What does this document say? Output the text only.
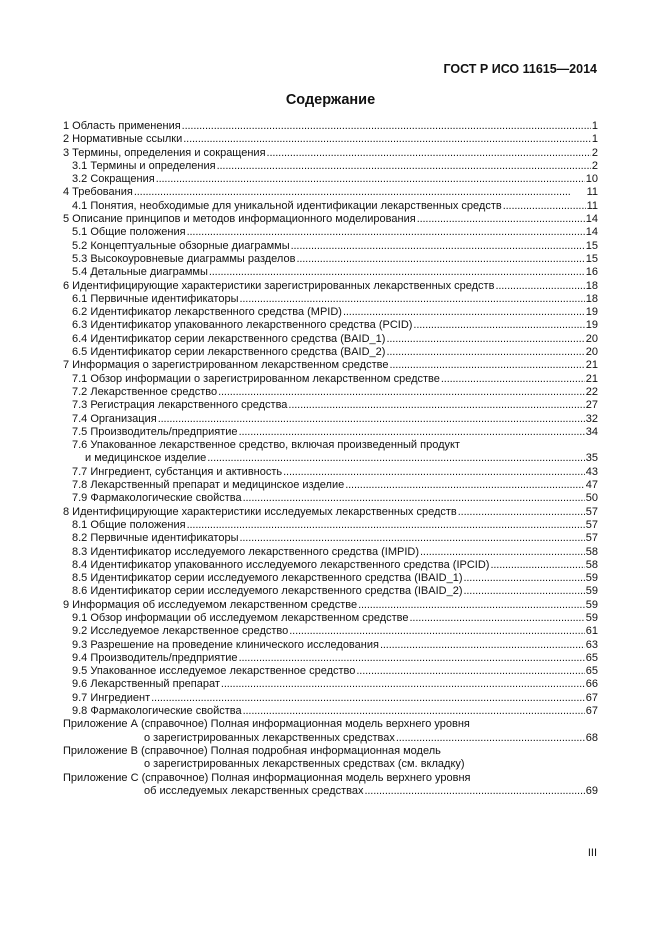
ГОСТ Р ИСО 11615—2014
Содержание
1 Область применения . . .	1
2 Нормативные ссылки . . .	1
3 Термины, определения и сокращения . . .	2
3.1 Термины и определения . . .	2
3.2 Сокращения . . .	10
4 Требования . . .	11
4.1 Понятия, необходимые для уникальной идентификации лекарственных средств . . .	11
5 Описание принципов и методов информационного моделирования . . .	14
5.1 Общие положения . . .	14
5.2 Концептуальные обзорные диаграммы . . .	15
5.3 Высокоуровневые диаграммы разделов . . .	15
5.4 Детальные диаграммы . . .	16
6 Идентифицирующие характеристики зарегистрированных лекарственных средств . . .	18
6.1 Первичные идентификаторы . . .	18
6.2 Идентификатор лекарственного средства (MPID) . . .	19
6.3 Идентификатор упакованного лекарственного средства (PCID) . . .	19
6.4 Идентификатор серии лекарственного средства (BAID_1) . . .	20
6.5 Идентификатор серии лекарственного средства (BAID_2) . . .	20
7 Информация о зарегистрированном лекарственном средстве . . .	21
7.1 Обзор информации о зарегистрированном лекарственном средстве . . .	21
7.2 Лекарственное средство . . .	22
7.3 Регистрация лекарственного средства . . .	27
7.4 Организация . . .	32
7.5 Производитель/предприятие . . .	34
7.6 Упакованное лекарственное средство, включая произведенный продукт
и медицинское изделие . . .	35
7.7 Ингредиент, субстанция и активность . . .	43
7.8 Лекарственный препарат и медицинское изделие . . .	47
7.9 Фармакологические свойства . . .	50
8 Идентифицирующие характеристики исследуемых лекарственных средств . . .	57
8.1 Общие положения . . .	57
8.2 Первичные идентификаторы . . .	57
8.3 Идентификатор исследуемого лекарственного средства (IMPID) . . .	58
8.4 Идентификатор упакованного исследуемого лекарственного средства (IPCID) . . .	58
8.5 Идентификатор серии исследуемого лекарственного средства (IBAID_1) . . .	59
8.6 Идентификатор серии исследуемого лекарственного средства (IBAID_2) . . .	59
9 Информация об исследуемом лекарственном средстве . . .	59
9.1 Обзор информации об исследуемом лекарственном средстве . . .	59
9.2 Исследуемое лекарственное средство . . .	61
9.3 Разрешение на проведение клинического исследования . . .	63
9.4 Производитель/предприятие . . .	65
9.5 Упакованное исследуемое лекарственное средство . . .	65
9.6 Лекарственный препарат . . .	66
9.7 Ингредиент . . .	67
9.8 Фармакологические свойства . . .	67
Приложение А (справочное) Полная информационная модель верхнего уровня
о зарегистрированных лекарственных средствах . . .	68
Приложение В (справочное) Полная подробная информационная модель
о зарегистрированных лекарственных средствах (см. вкладку)
Приложение С (справочное) Полная информационная модель верхнего уровня
об исследуемых лекарственных средствах . . .	69
III
